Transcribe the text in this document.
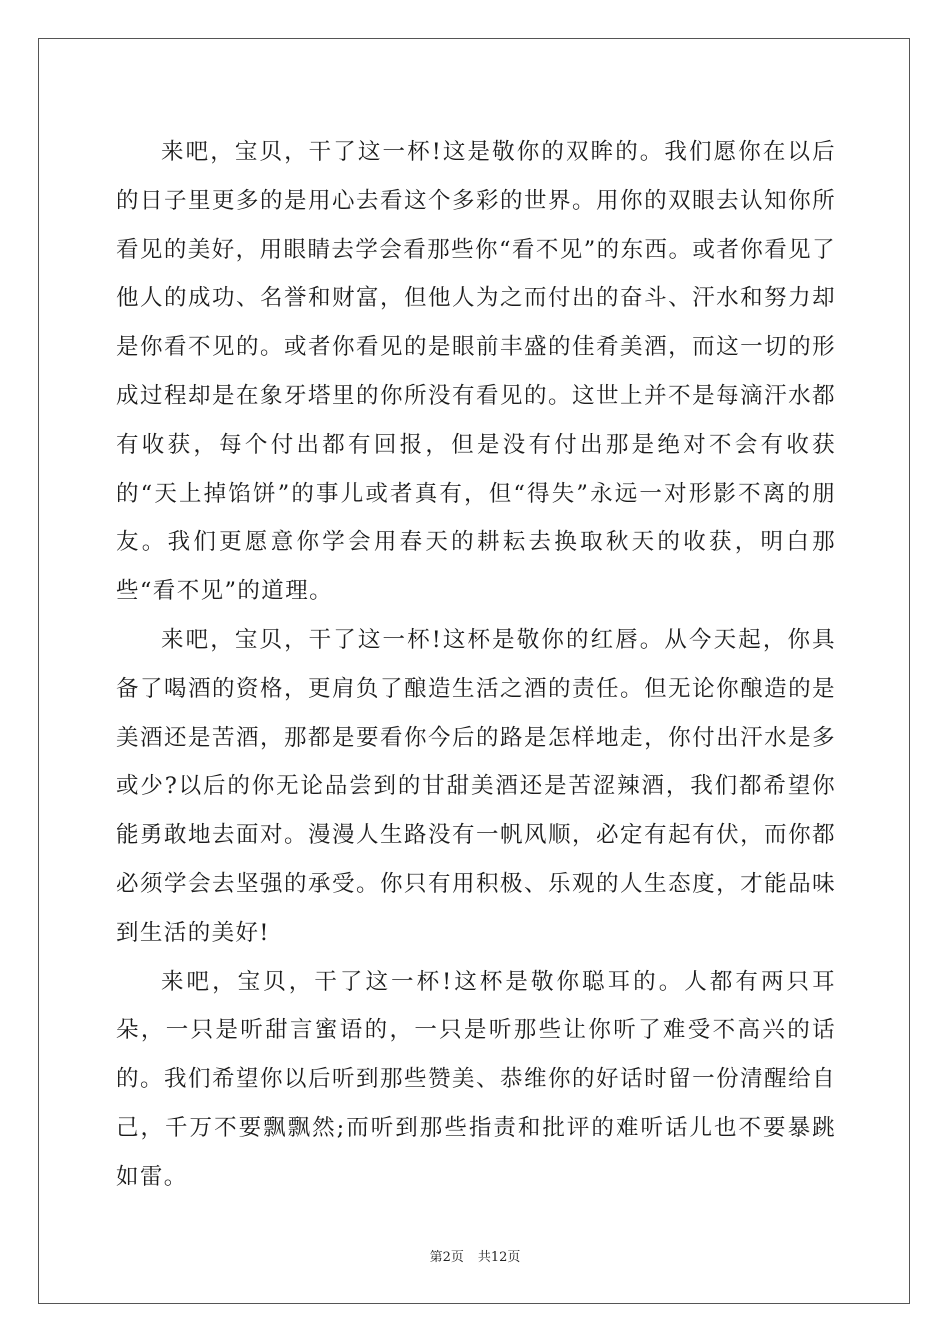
来吧，宝贝，干了这一杯!这是敬你的双眸的。我们愿你在以后的日子里更多的是用心去看这个多彩的世界。用你的双眼去认知你所看见的美好，用眼睛去学会看那些你“看不见”的东西。或者你看见了他人的成功、名誉和财富，但他人为之而付出的奋斗、汗水和努力却是你看不见的。或者你看见的是眼前丰盛的佳肴美酒，而这一切的形成过程却是在象牙塔里的你所没有看见的。这世上并不是每滴汗水都有收获，每个付出都有回报，但是没有付出那是绝对不会有收获的“天上掉馅饼”的事儿或者真有，但“得失”永远一对形影不离的朋友。我们更愿意你学会用春天的耕耘去换取秋天的收获，明白那些“看不见”的道理。

来吧，宝贝，干了这一杯!这杯是敬你的红唇。从今天起，你具备了喝酒的资格，更肩负了酿造生活之酒的责任。但无论你酿造的是美酒还是苦酒，那都是要看你今后的路是怎样地走，你付出汗水是多或少?以后的你无论品尝到的甘甜美酒还是苦涩辣酒，我们都希望你能勇敢地去面对。漫漫人生路没有一帆风顺，必定有起有伏，而你都必须学会去坚强的承受。你只有用积极、乐观的人生态度，才能品味到生活的美好!

来吧，宝贝，干了这一杯!这杯是敬你聪耳的。人都有两只耳朵，一只是听甜言蜜语的，一只是听那些让你听了难受不高兴的话的。我们希望你以后听到那些赞美、恭维你的好话时留一份清醒给自己，千万不要飘飘然;而听到那些指责和批评的难听话儿也不要暴跳如雷。

第2页 共12页
